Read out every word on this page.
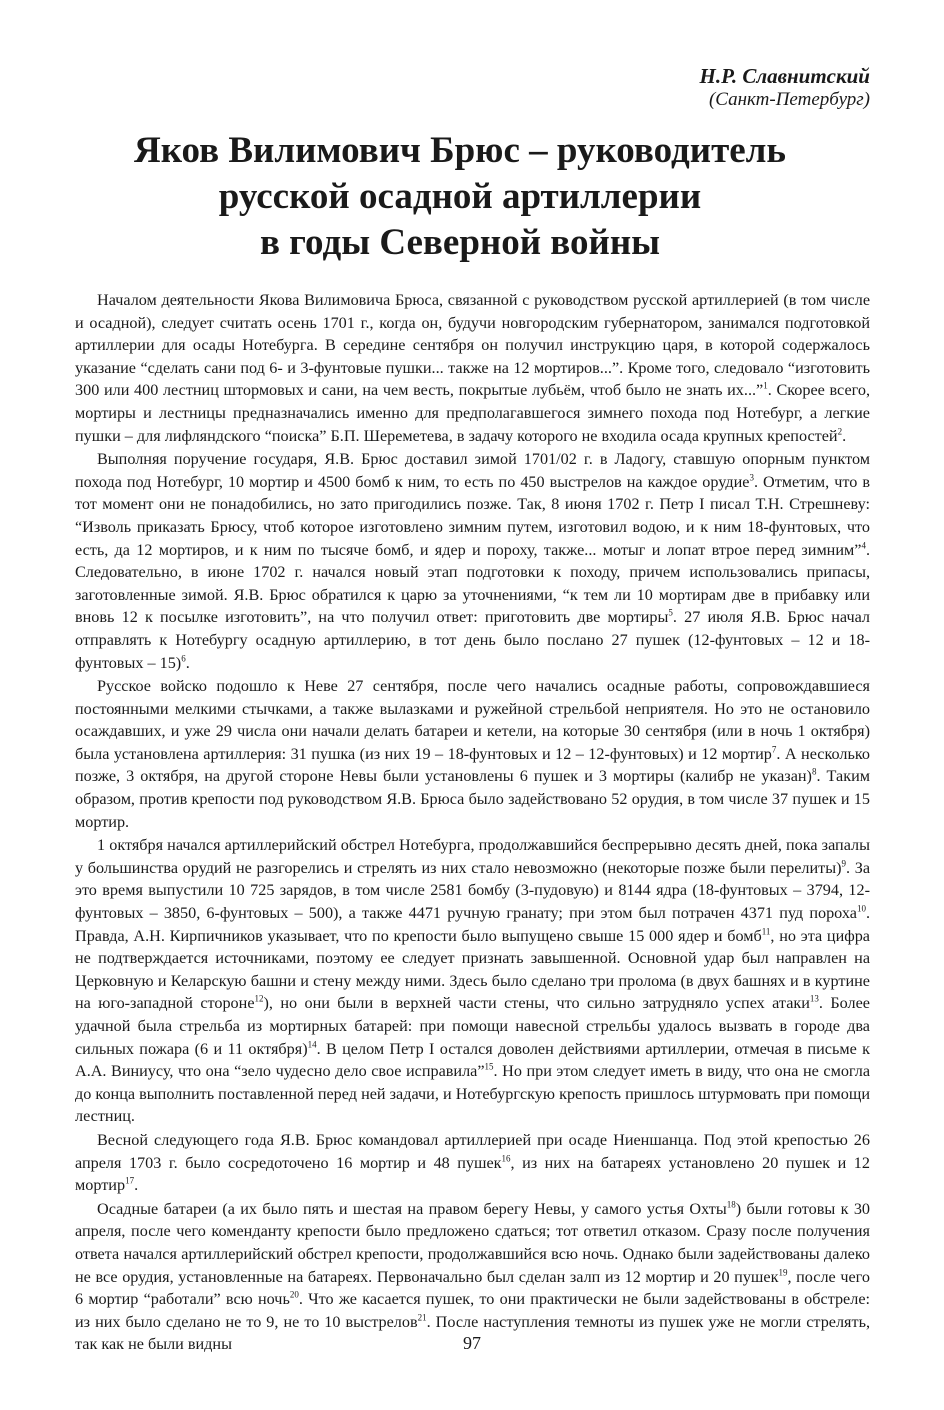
Н.Р. Славнитский
(Санкт-Петербург)
Яков Вилимович Брюс – руководитель
русской осадной артиллерии
в годы Северной войны

Началом деятельности Якова Вилимовича Брюса, связанной с руководством русской артиллерией (в том числе и осадной), следует считать осень 1701 г., когда он, будучи новгородским губернатором, занимался подготовкой артиллерии для осады Нотебурга. В середине сентября он получил инструкцию царя, в которой содержалось указание “сделать сани под 6- и 3-фунтовые пушки... также на 12 мортиров...”. Кроме того, следовало “изготовить 300 или 400 лестниц штормовых и сани, на чем весть, покрытые лубьём, чтоб было не знать их...”$^1$. Скорее всего, мортиры и лестницы предназначались именно для предполагавшегося зимнего похода под Нотебург, а легкие пушки – для лифляндского “поиска” Б.П. Шереметева, в задачу которого не входила осада крупных крепостей$^2$.

Выполняя поручение государя, Я.В. Брюс доставил зимой 1701/02 г. в Ладогу, ставшую опорным пунктом похода под Нотебург, 10 мортир и 4500 бомб к ним, то есть по 450 выстрелов на каждое орудие$^3$. Отметим, что в тот момент они не понадобились, но зато пригодились позже. Так, 8 июня 1702 г. Петр I писал Т.Н. Стрешневу: “Изволь приказать Брюсу, чтоб которое изготовлено зимним путем, изготовил водою, и к ним 18-фунтовых, что есть, да 12 мортиров, и к ним по тысяче бомб, и ядер и пороху, также... мотыг и лопат втрое перед зимним”$^4$. Следовательно, в июне 1702 г. начался новый этап подготовки к походу, причем использовались припасы, заготовленные зимой. Я.В. Брюс обратился к царю за уточнениями, “к тем ли 10 мортирам две в прибавку или вновь 12 к посылке изготовить”, на что получил ответ: приготовить две мортиры$^5$. 27 июля Я.В. Брюс начал отправлять к Нотебургу осадную артиллерию, в тот день было послано 27 пушек (12-фунтовых – 12 и 18-фунтовых – 15)$^6$.

Русское войско подошло к Неве 27 сентября, после чего начались осадные работы, сопровождавшиеся постоянными мелкими стычками, а также вылазками и ружейной стрельбой неприятеля. Но это не остановило осаждавших, и уже 29 числа они начали делать батареи и кетели, на которые 30 сентября (или в ночь 1 октября) была установлена артиллерия: 31 пушка (из них 19 – 18-фунтовых и 12 – 12-фунтовых) и 12 мортир$^7$. А несколько позже, 3 октября, на другой стороне Невы были установлены 6 пушек и 3 мортиры (калибр не указан)$^8$. Таким образом, против крепости под руководством Я.В. Брюса было задействовано 52 орудия, в том числе 37 пушек и 15 мортир.

1 октября начался артиллерийский обстрел Нотебурга, продолжавшийся беспрерывно десять дней, пока запалы у большинства орудий не разгорелись и стрелять из них стало невозможно (некоторые позже были перелиты)$^9$. За это время выпустили 10 725 зарядов, в том числе 2581 бомбу (3-пудовую) и 8144 ядра (18-фунтовых – 3794, 12-фунтовых – 3850, 6-фунтовых – 500), а также 4471 ручную гранату; при этом был потрачен 4371 пуд пороха$^{10}$. Правда, А.Н. Кирпичников указывает, что по крепости было выпущено свыше 15 000 ядер и бомб$^{11}$, но эта цифра не подтверждается источниками, поэтому ее следует признать завышенной. Основной удар был направлен на Церковную и Келарскую башни и стену между ними. Здесь было сделано три пролома (в двух башнях и в куртине на юго-западной стороне$^{12}$), но они были в верхней части стены, что сильно затрудняло успех атаки$^{13}$. Более удачной была стрельба из мортирных батарей: при помощи навесной стрельбы удалось вызвать в городе два сильных пожара (6 и 11 октября)$^{14}$. В целом Петр I остался доволен действиями артиллерии, отмечая в письме к А.А. Виниусу, что она “зело чудесно дело свое исправила”$^{15}$. Но при этом следует иметь в виду, что она не смогла до конца выполнить поставленной перед ней задачи, и Нотебургскую крепость пришлось штурмовать при помощи лестниц.

Весной следующего года Я.В. Брюс командовал артиллерией при осаде Ниеншанца. Под этой крепостью 26 апреля 1703 г. было сосредоточено 16 мортир и 48 пушек$^{16}$, из них на батареях установлено 20 пушек и 12 мортир$^{17}$.

Осадные батареи (а их было пять и шестая на правом берегу Невы, у самого устья Охты$^{18}$) были готовы к 30 апреля, после чего коменданту крепости было предложено сдаться; тот ответил отказом. Сразу после получения ответа начался артиллерийский обстрел крепости, продолжавшийся всю ночь. Однако были задействованы далеко не все орудия, установленные на батареях. Первоначально был сделан залп из 12 мортир и 20 пушек$^{19}$, после чего 6 мортир “работали” всю ночь$^{20}$. Что же касается пушек, то они практически не были задействованы в обстреле: из них было сделано не то 9, не то 10 выстрелов$^{21}$. После наступления темноты из пушек уже не могли стрелять, так как не были видны	97
